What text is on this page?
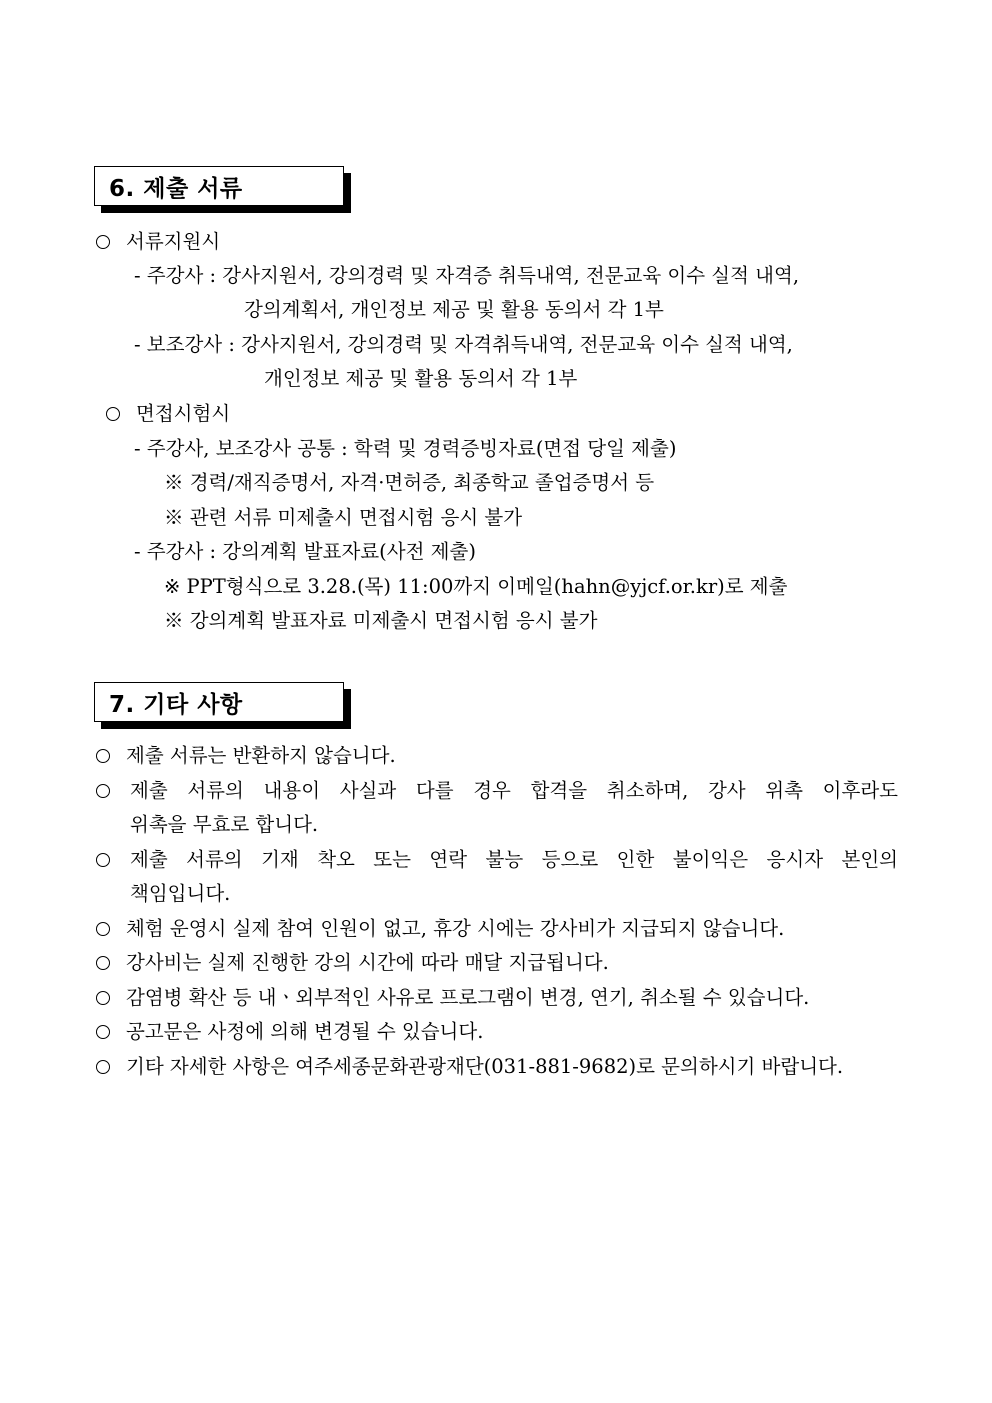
6. 제출 서류
서류지원시
- 주강사 : 강사지원서, 강의경력 및 자격증 취득내역, 전문교육 이수 실적 내역,
강의계획서, 개인정보 제공 및 활용 동의서 각 1부
- 보조강사 : 강사지원서, 강의경력 및 자격취득내역, 전문교육 이수 실적 내역,
개인정보 제공 및 활용 동의서 각 1부
면접시험시
- 주강사, 보조강사 공통 : 학력 및 경력증빙자료(면접 당일 제출)
※ 경력/재직증명서, 자격·면허증, 최종학교 졸업증명서 등
※ 관련 서류 미제출시 면접시험 응시 불가
- 주강사 : 강의계획 발표자료(사전 제출)
※ PPT형식으로 3.28.(목) 11:00까지 이메일(hahn@yjcf.or.kr)로 제출
※ 강의계획 발표자료 미제출시 면접시험 응시 불가
7. 기타 사항
제출 서류는 반환하지 않습니다.
제출 서류의 내용이 사실과 다를 경우 합격을 취소하며, 강사 위촉 이후라도
위촉을 무효로 합니다.
제출 서류의 기재 착오 또는 연락 불능 등으로 인한 불이익은 응시자 본인의
책임입니다.
체험 운영시 실제 참여 인원이 없고, 휴강 시에는 강사비가 지급되지 않습니다.
강사비는 실제 진행한 강의 시간에 따라 매달 지급됩니다.
감염병 확산 등 내ㆍ외부적인 사유로 프로그램이 변경, 연기, 취소될 수 있습니다.
공고문은 사정에 의해 변경될 수 있습니다.
기타 자세한 사항은 여주세종문화관광재단(031-881-9682)로 문의하시기 바랍니다.
